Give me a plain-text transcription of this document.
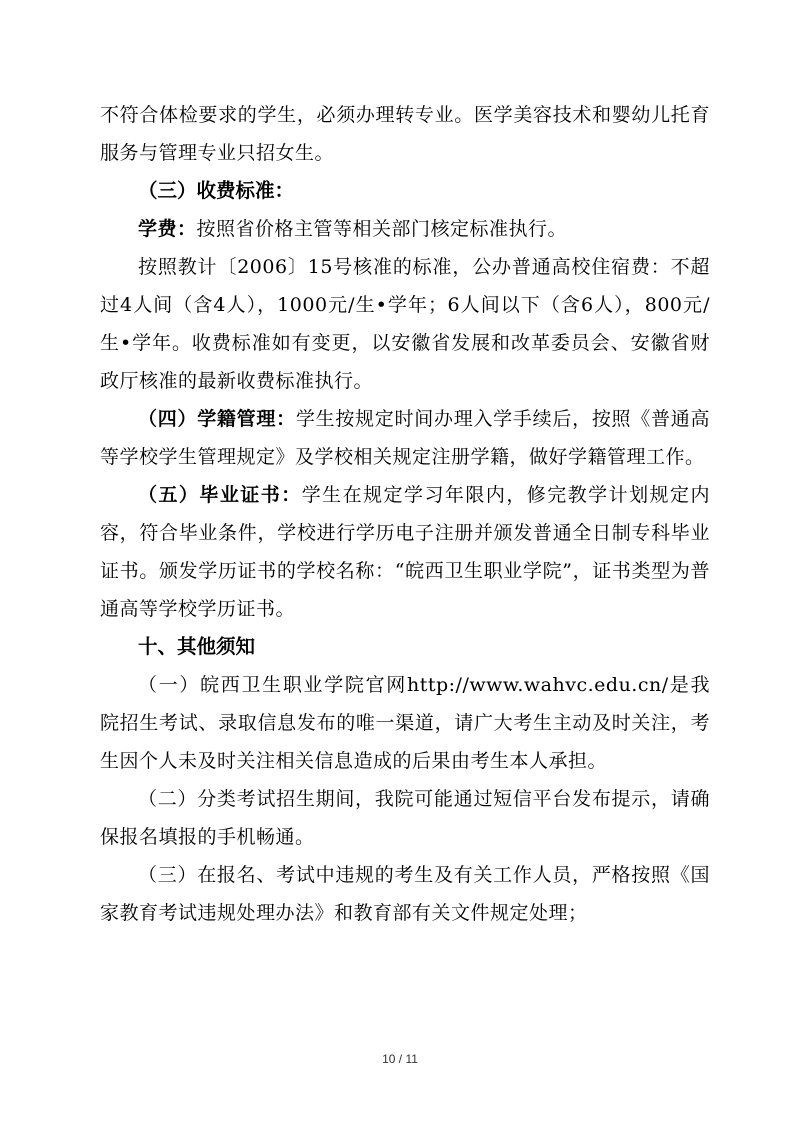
不符合体检要求的学生，必须办理转专业。医学美容技术和婴幼儿托育服务与管理专业只招女生。

（三）收费标准：

学费：按照省价格主管等相关部门核定标准执行。

按照教计〔2006〕15号核准的标准，公办普通高校住宿费：不超过4人间（含4人），1000元/生•学年；6人间以下（含6人），800元/生•学年。收费标准如有变更，以安徽省发展和改革委员会、安徽省财政厅核准的最新收费标准执行。

（四）学籍管理：学生按规定时间办理入学手续后，按照《普通高等学校学生管理规定》及学校相关规定注册学籍，做好学籍管理工作。

（五）毕业证书：学生在规定学习年限内，修完教学计划规定内容，符合毕业条件，学校进行学历电子注册并颁发普通全日制专科毕业证书。颁发学历证书的学校名称：“皖西卫生职业学院”，证书类型为普通高等学校学历证书。

十、其他须知

（一）皖西卫生职业学院官网http://www.wahvc.edu.cn/是我院招生考试、录取信息发布的唯一渠道，请广大考生主动及时关注，考生因个人未及时关注相关信息造成的后果由考生本人承担。

（二）分类考试招生期间，我院可能通过短信平台发布提示，请确保报名填报的手机畅通。

（三）在报名、考试中违规的考生及有关工作人员，严格按照《国家教育考试违规处理办法》和教育部有关文件规定处理；

10 / 11
